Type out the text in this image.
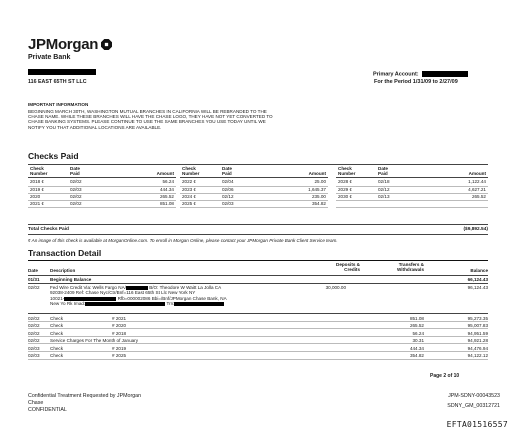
JPMorgan
Private Bank
116 EAST 65TH ST LLC
Primary Account:
For the Period 1/31/09 to 2/27/09
IMPORTANT INFORMATION
BEGINNING MARCH 30TH, WASHINGTON MUTUAL BRANCHES IN CALIFORNIA WILL BE REBRANDED TO THE CHASE NAME. WHILE THESE BRANCHES WILL HAVE THE CHASE LOGO, THEY HAVE NOT YET CONVERTED TO CHASE BANKING SYSTEMS. PLEASE CONTINUE TO USE THE SAME BRANCHES YOU USE TODAY UNTIL WE NOTIFY YOU THAT ADDITIONAL LOCATIONS ARE AVAILABLE.
Checks Paid
Check	Date	
Number	Paid	Amount

2018 ¢	02/02	56.24
2019 ¢	02/03	444.34
2020	02/02	265.52
2021 ¢	02/02	851.08
Check	Date	
Number	Paid	Amount

2022 ¢	02/04	25.00
2023 ¢	02/06	1,645.37
2024 ¢	02/12	235.00
2025 ¢	02/03	354.82
Check	Date	
Number	Paid	Amount

2028 ¢	02/18	1,122.44
2029 ¢	02/12	4,627.21
2030 ¢	02/13	265.52

Total Checks Paid	($9,892.54)
¢ An image of this check is available at MorganOnline.com. To enroll in Morgan Online, please contact your JPMorgan Private Bank Client Service team.
Transaction Detail
Date	Description
Deposits &
Credits
Transfers &
Withdrawals	Balance
01/31 Beginning Balance	66,124.43
02/02 Fed Wire Credit Via: Wells Fargo NA/	B/O: Theodore W Waitt La Jolla CA
92038-2409 Ref: Chase Nyc/Ctr/Bnf=116 East 65th St Llc New York NY
10021-	Rfb=000002086 Bbi=/Bnf/JPMorgan Chase Bank, NA
New Yo Rk Imad:	Trn:
30,000.00	96,124.43
02/02 Check	# 2021	851.08	95,273.35
02/02 Check	# 2020	265.52	95,007.83
02/02 Check	# 2018	56.24	94,951.59
02/02 Service Charges For The Month of January	30.31	94,921.28
02/03 Check	# 2019	444.34	94,476.94
02/03 Check	# 2025	354.82	94,122.12
Page 2 of 10
Confidential Treatment Requested by JPMorgan
Chase
CONFIDENTIAL
JPM-SDNY-00043523
SDNY_GM_00312721
EFTA01516557
